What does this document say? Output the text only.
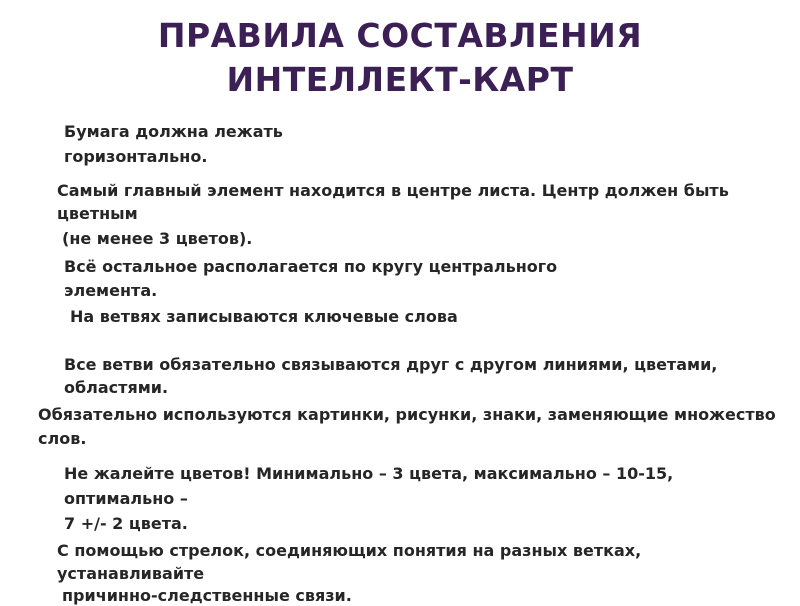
ПРАВИЛА СОСТАВЛЕНИЯ
ИНТЕЛЛЕКТ-КАРТ

Бумага должна лежать

горизонтально.

Самый главный элемент находится в центре листа. Центр должен быть

цветным

(не менее 3 цветов).

Всё остальное располагается по кругу центрального

элемента.

На ветвях записываются ключевые слова

Все ветви обязательно связываются друг с другом линиями, цветами,

областями.

Обязательно используются картинки, рисунки, знаки, заменяющие множество

слов.

Не жалейте цветов! Минимально – 3 цвета, максимально – 10-15,

оптимально –

7 +/- 2 цвета.

С помощью стрелок, соединяющих понятия на разных ветках,

устанавливайте

причинно-следственные связи.
